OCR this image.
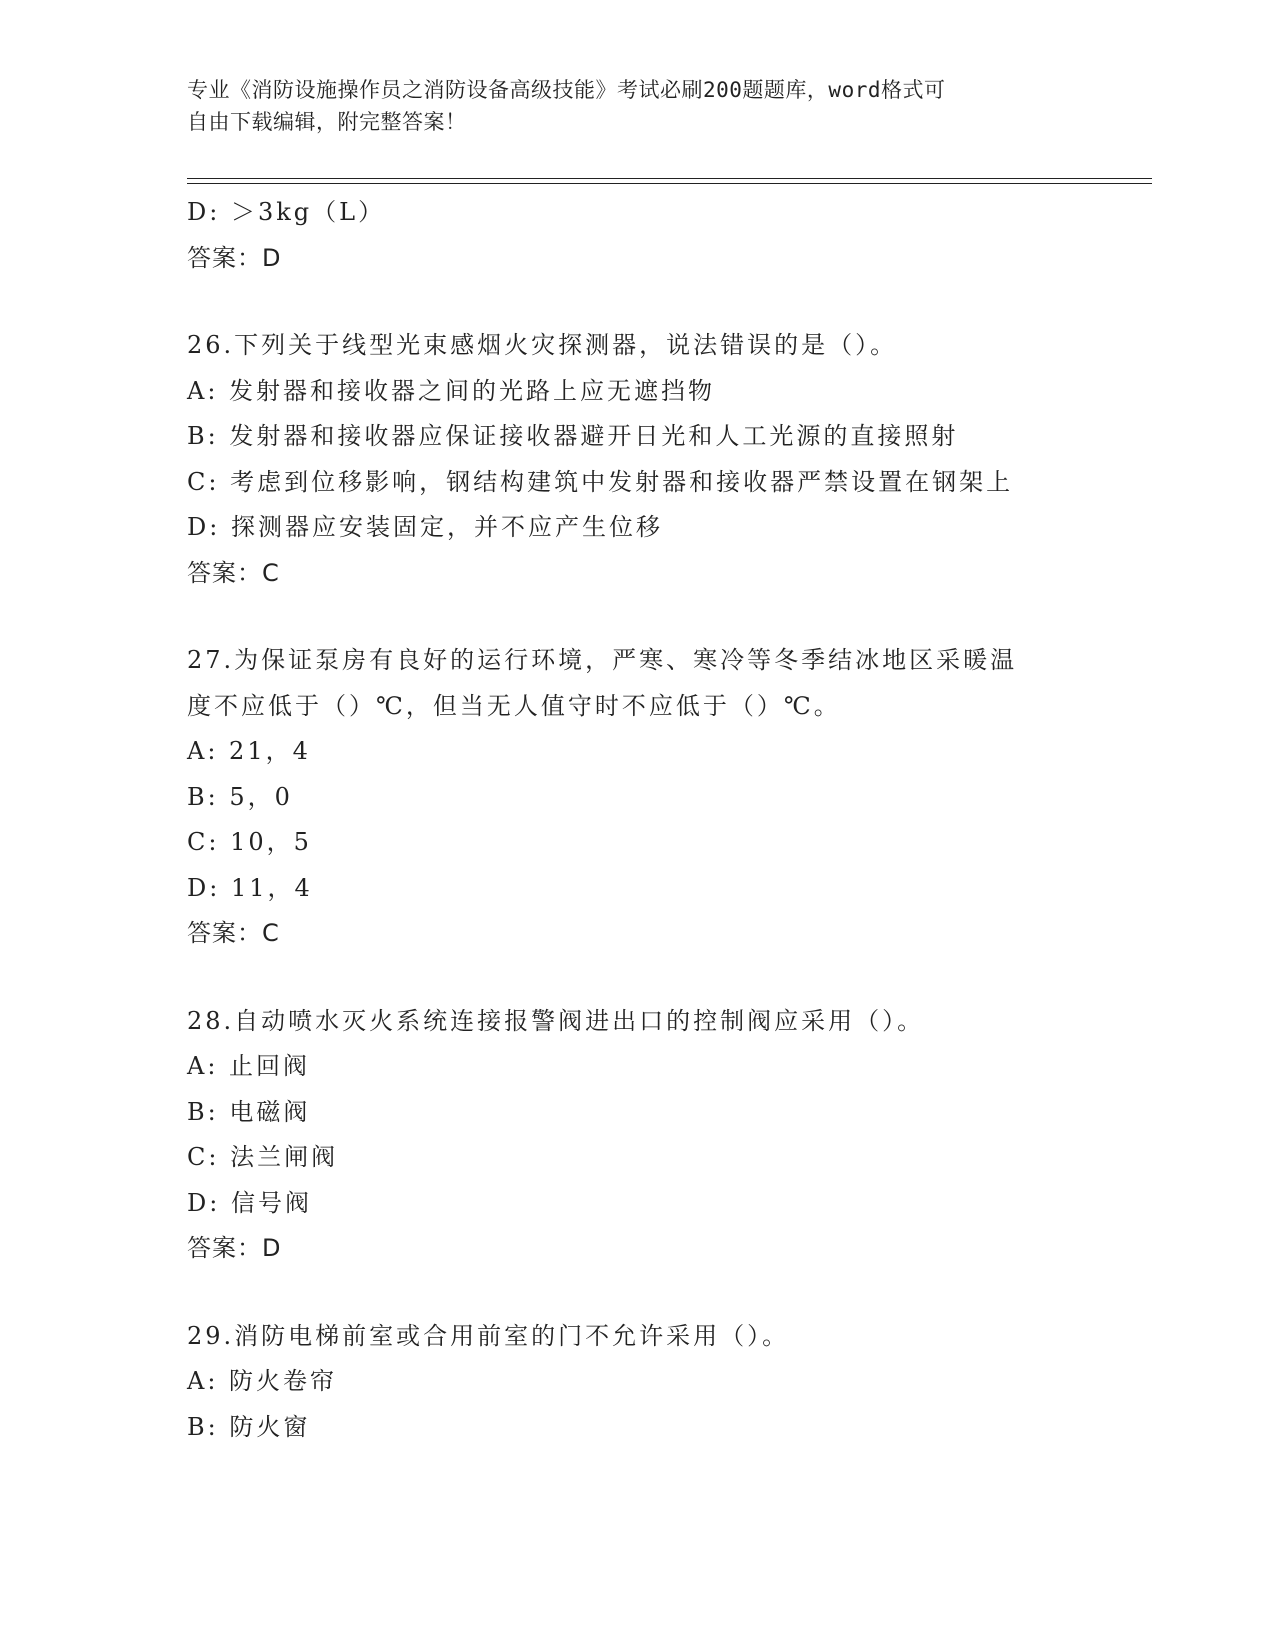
专业《消防设施操作员之消防设备高级技能》考试必刷200题题库，word格式可
自由下载编辑，附完整答案！
D: ＞3kg（L）
答案：D
26.下列关于线型光束感烟火灾探测器，说法错误的是（）。
A: 发射器和接收器之间的光路上应无遮挡物
B: 发射器和接收器应保证接收器避开日光和人工光源的直接照射
C: 考虑到位移影响，钢结构建筑中发射器和接收器严禁设置在钢架上
D: 探测器应安装固定，并不应产生位移
答案：C
27.为保证泵房有良好的运行环境，严寒、寒冷等冬季结冰地区采暖温
度不应低于（）℃，但当无人值守时不应低于（）℃。
A: 21，4
B: 5，0
C: 10，5
D: 11，4
答案：C
28.自动喷水灭火系统连接报警阀进出口的控制阀应采用（）。
A: 止回阀
B: 电磁阀
C: 法兰闸阀
D: 信号阀
答案：D
29.消防电梯前室或合用前室的门不允许采用（）。
A: 防火卷帘
B: 防火窗
